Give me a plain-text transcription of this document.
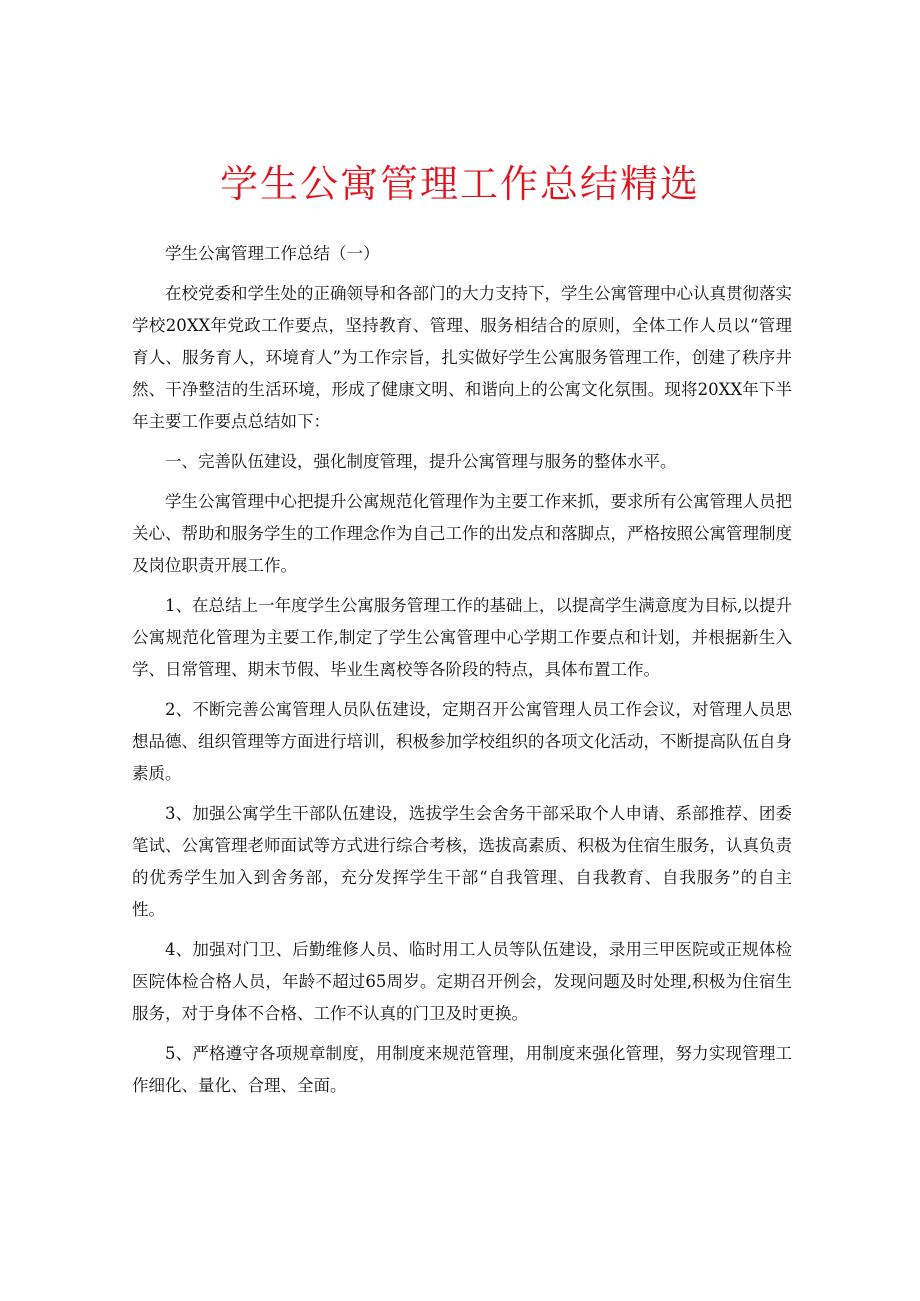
学生公寓管理工作总结精选

学生公寓管理工作总结（一）

在校党委和学生处的正确领导和各部门的大力支持下，学生公寓管理中心认真贯彻落实学校20XX年党政工作要点，坚持教育、管理、服务相结合的原则，全体工作人员以“管理育人、服务育人，环境育人”为工作宗旨，扎实做好学生公寓服务管理工作，创建了秩序井然、干净整洁的生活环境，形成了健康文明、和谐向上的公寓文化氛围。现将20XX年下半年主要工作要点总结如下：

一、完善队伍建设，强化制度管理，提升公寓管理与服务的整体水平。

学生公寓管理中心把提升公寓规范化管理作为主要工作来抓，要求所有公寓管理人员把关心、帮助和服务学生的工作理念作为自己工作的出发点和落脚点，严格按照公寓管理制度及岗位职责开展工作。

1、在总结上一年度学生公寓服务管理工作的基础上，以提高学生满意度为目标,以提升公寓规范化管理为主要工作,制定了学生公寓管理中心学期工作要点和计划，并根据新生入学、日常管理、期末节假、毕业生离校等各阶段的特点，具体布置工作。

2、不断完善公寓管理人员队伍建设，定期召开公寓管理人员工作会议，对管理人员思想品德、组织管理等方面进行培训，积极参加学校组织的各项文化活动，不断提高队伍自身素质。

3、加强公寓学生干部队伍建设，选拔学生会舍务干部采取个人申请、系部推荐、团委笔试、公寓管理老师面试等方式进行综合考核，选拔高素质、积极为住宿生服务，认真负责的优秀学生加入到舍务部，充分发挥学生干部“自我管理、自我教育、自我服务”的自主性。

4、加强对门卫、后勤维修人员、临时用工人员等队伍建设，录用三甲医院或正规体检医院体检合格人员，年龄不超过65周岁。定期召开例会，发现问题及时处理,积极为住宿生服务，对于身体不合格、工作不认真的门卫及时更换。

5、严格遵守各项规章制度，用制度来规范管理，用制度来强化管理，努力实现管理工作细化、量化、合理、全面。
